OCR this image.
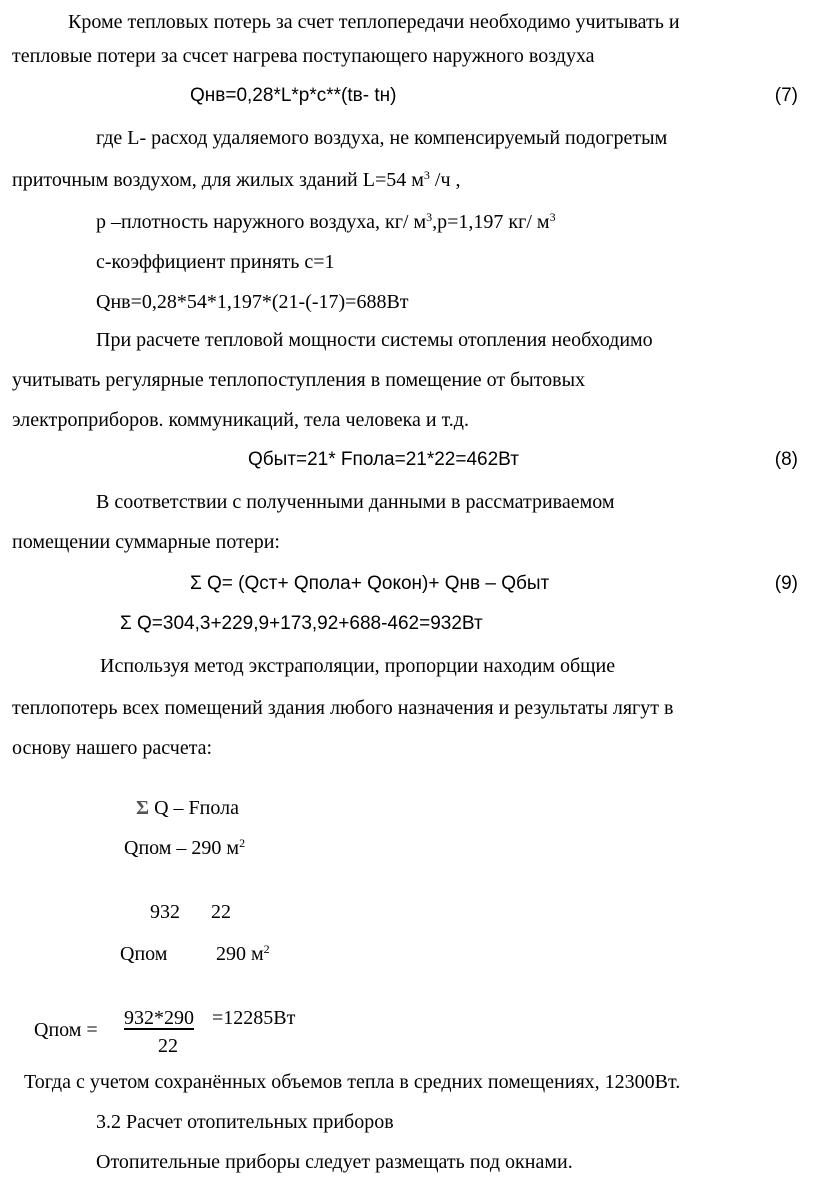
Кроме тепловых потерь за счет теплопередачи необходимо учитывать и
тепловые потери за счсет нагрева поступающего наружного воздуха
Qнв=0,28*L*p*c**(tв- tн)	(7)
где L- расход удаляемого воздуха, не компенсируемый подогретым
приточным воздухом, для жилых зданий L=54 $м^3$ /ч ,
р –плотность наружного воздуха, кг/ $м^3,р=1,197$ кг/ $м^3$
с-коэффициент принять с=1
Qнв=0,28*54*1,197*(21-(-17)=688Вт
При расчете тепловой мощности системы отопления необходимо
учитывать регулярные теплопоступления в помещение от бытовых
электроприборов. коммуникаций, тела человека и т.д.
Qбыт=21* Fпола=21*22=462Вт	(8)
В соответствии с полученными данными в рассматриваемом
помещении суммарные потери:
Σ Q= (Qст+ Qпола+ Qокон)+ Qнв – Qбыт	(9)
Σ Q=304,3+229,9+173,92+688-462=932Вт
Используя метод экстраполяции, пропорции находим общие
теплопотерь всех помещений здания любого назначения и результаты лягут в
основу нашего расчета:
Σ Q – Fпола
Qпом – 290 $м^2$
932 22
Qпом 290 $м^2$
Qпом =
932*290 =12285Вт
22
Тогда с учетом сохранённых объемов тепла в средних помещениях, 12300Вт.
3.2 Расчет отопительных приборов
Отопительные приборы следует размещать под окнами.
